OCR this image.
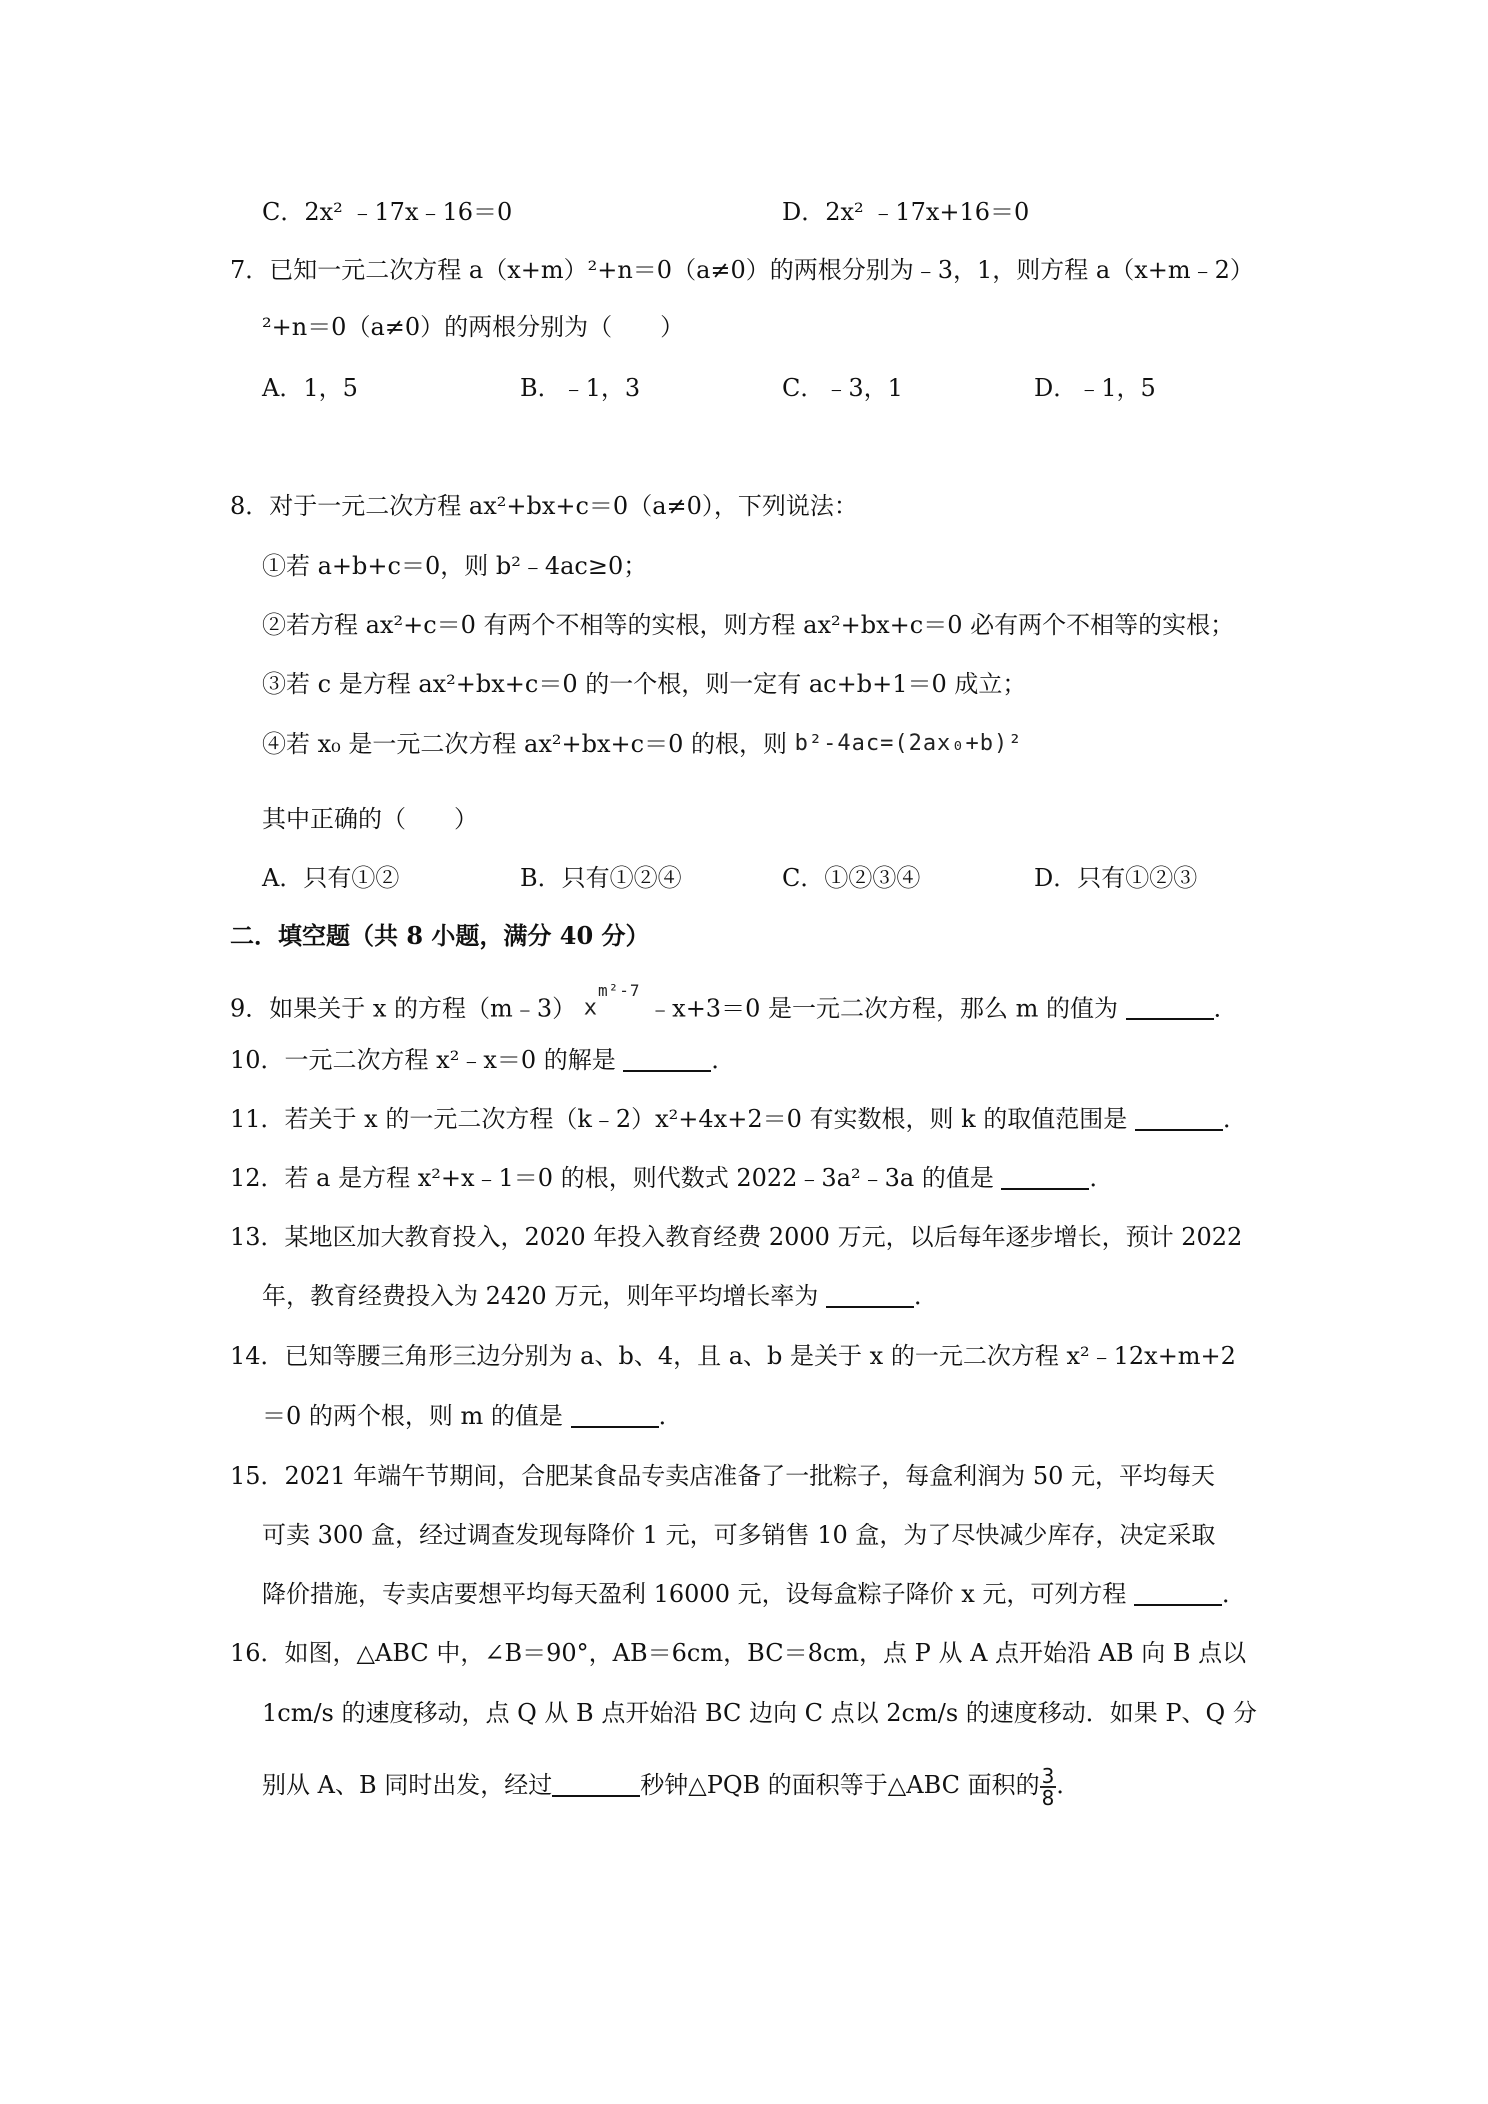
C．2x² ﹣17x﹣16＝0	D．2x² ﹣17x+16＝0
7．已知一元二次方程 a（x+m）²+n＝0（a≠0）的两根分别为﹣3，1，则方程 a（x+m﹣2）
²+n＝0（a≠0）的两根分别为（　　）
A．1，5	B．﹣1，3	C．﹣3，1	D．﹣1，5
8．对于一元二次方程 ax²+bx+c＝0（a≠0），下列说法：
①若 a+b+c＝0，则 b²﹣4ac≥0；
②若方程 ax²+c＝0 有两个不相等的实根，则方程 ax²+bx+c＝0 必有两个不相等的实根；
③若 c 是方程 ax²+bx+c＝0 的一个根，则一定有 ac+b+1＝0 成立；
④若 x₀ 是一元二次方程 ax²+bx+c＝0 的根，则 b²-4ac=(2ax₀+b)²
其中正确的（　　）
A．只有①②	B．只有①②④	C．①②③④	D．只有①②③
二．填空题（共 8 小题，满分 40 分）
9．如果关于 x 的方程（m﹣3） $x^{m^2-7}$ ﹣x+3＝0 是一元二次方程，那么 m 的值为	．
10．一元二次方程 x²﹣x＝0 的解是	．
11．若关于 x 的一元二次方程（k﹣2）x²+4x+2＝0 有实数根，则 k 的取值范围是	．
12．若 a 是方程 x²+x﹣1＝0 的根，则代数式 2022﹣3a²﹣3a 的值是	．
13．某地区加大教育投入，2020 年投入教育经费 2000 万元，以后每年逐步增长，预计 2022
年，教育经费投入为 2420 万元，则年平均增长率为	．
14．已知等腰三角形三边分别为 a、b、4，且 a、b 是关于 x 的一元二次方程 x²﹣12x+m+2
＝0 的两个根，则 m 的值是	．
15．2021 年端午节期间，合肥某食品专卖店准备了一批粽子，每盒利润为 50 元，平均每天
可卖 300 盒，经过调查发现每降价 1 元，可多销售 10 盒，为了尽快减少库存，决定采取
降价措施，专卖店要想平均每天盈利 16000 元，设每盒粽子降价 x 元，可列方程	．
16．如图，△ABC 中，∠B＝90°，AB＝6cm，BC＝8cm，点 P 从 A 点开始沿 AB 向 B 点以
1cm/s 的速度移动，点 Q 从 B 点开始沿 BC 边向 C 点以 2cm/s 的速度移动．如果 P、Q 分
别从 A、B 同时出发，经过	秒钟△PQB 的面积等于△ABC 面积的 $\frac{3}{8}$ ．
